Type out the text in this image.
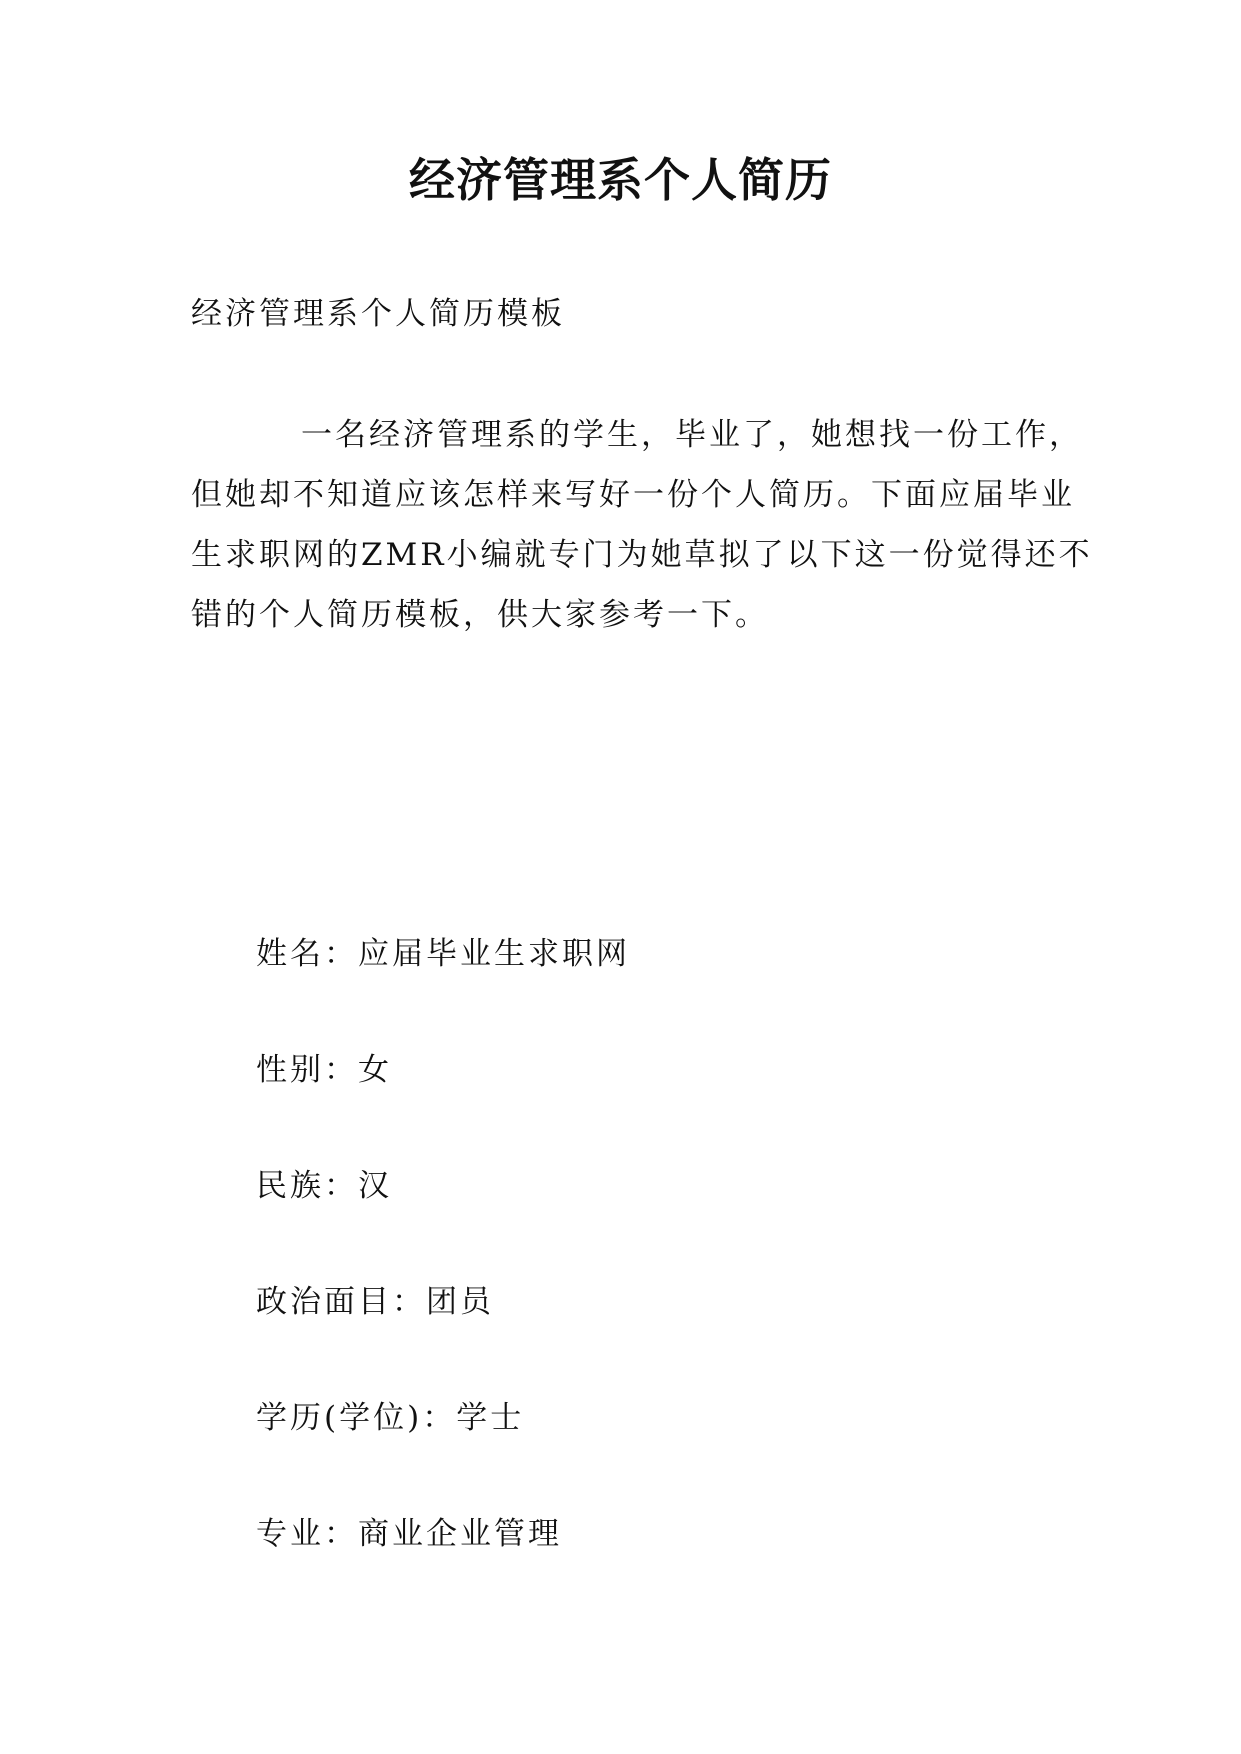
经济管理系个人简历
经济管理系个人简历模板
一名经济管理系的学生，毕业了，她想找一份工作，
但她却不知道应该怎样来写好一份个人简历。下面应届毕业
生求职网的ZMR小编就专门为她草拟了以下这一份觉得还不
错的个人简历模板，供大家参考一下。
姓名：应届毕业生求职网
性别：女
民族：汉
政治面目：团员
学历(学位)：学士
专业：商业企业管理
